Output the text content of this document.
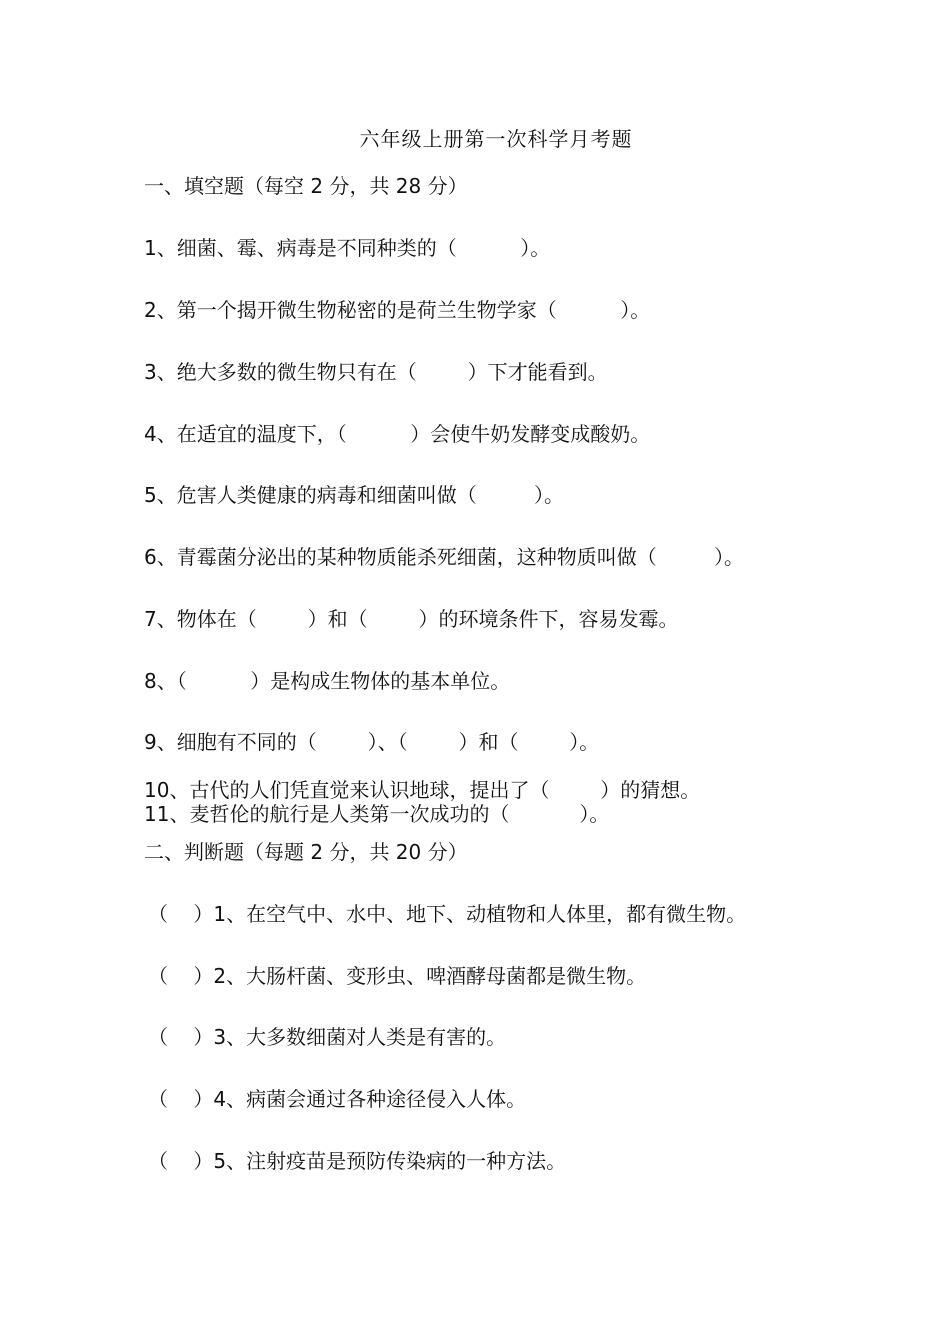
六年级上册第一次科学月考题
一、填空题（每空 2 分，共 28 分）
1、细菌、霉、病毒是不同种类的（          ）。
2、第一个揭开微生物秘密的是荷兰生物学家（          ）。
3、绝大多数的微生物只有在（        ）下才能看到。
4、在适宜的温度下，（          ）会使牛奶发酵变成酸奶。
5、危害人类健康的病毒和细菌叫做（         ）。
6、青霉菌分泌出的某种物质能杀死细菌，这种物质叫做（         ）。
7、物体在（        ）和（        ）的环境条件下，容易发霉。
8、（          ）是构成生物体的基本单位。
9、细胞有不同的（        ）、（        ）和（        ）。
10、古代的人们凭直觉来认识地球，提出了（        ）的猜想。
11、麦哲伦的航行是人类第一次成功的（           ）。
二、判断题（每题 2 分，共 20 分）
（    ）1、在空气中、水中、地下、动植物和人体里，都有微生物。
（    ）2、大肠杆菌、变形虫、啤酒酵母菌都是微生物。
（    ）3、大多数细菌对人类是有害的。
（    ）4、病菌会通过各种途径侵入人体。
（    ）5、注射疫苗是预防传染病的一种方法。
